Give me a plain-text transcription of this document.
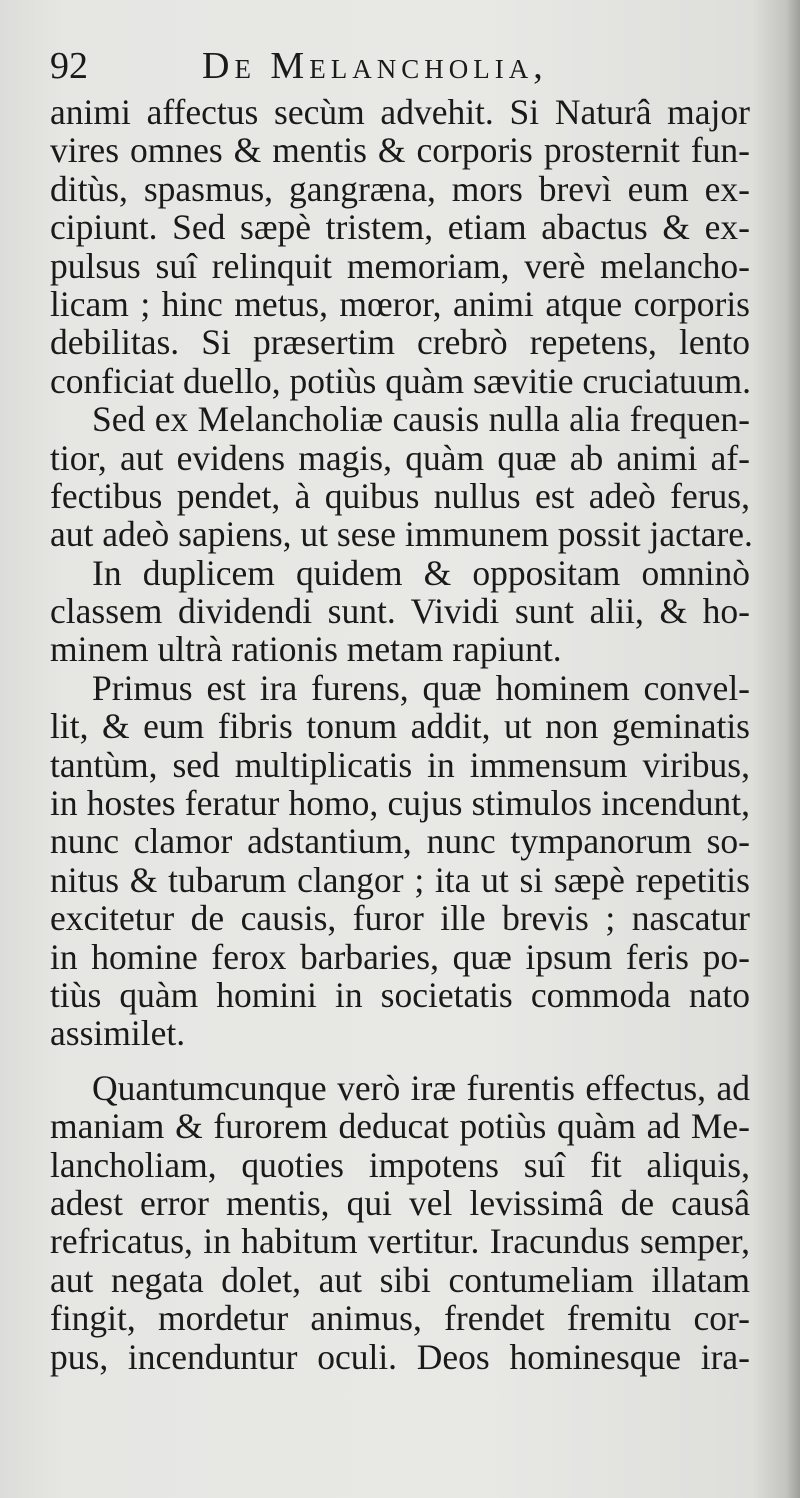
92	De Melancholia,
animi affectus secùm advehit. Si Naturâ major
vires omnes & mentis & corporis prosternit fun-
ditùs, spasmus, gangræna, mors brevì eum ex-
cipiunt. Sed sæpè tristem, etiam abactus & ex-
pulsus suî relinquit memoriam, verè melancho-
licam ; hinc metus, mœror, animi atque corporis
debilitas. Si præsertim crebrò repetens, lento
conficiat duello, potiùs quàm sævitie cruciatuum.
Sed ex Melancholiæ causis nulla alia frequen-
tior, aut evidens magis, quàm quæ ab animi af-
fectibus pendet, à quibus nullus est adeò ferus,
aut adeò sapiens, ut sese immunem possit jactare.
In duplicem quidem & oppositam omninò
classem dividendi sunt. Vividi sunt alii, & ho-
minem ultrà rationis metam rapiunt.
Primus est ira furens, quæ hominem convel-
lit, & eum fibris tonum addit, ut non geminatis
tantùm, sed multiplicatis in immensum viribus,
in hostes feratur homo, cujus stimulos incendunt,
nunc clamor adstantium, nunc tympanorum so-
nitus & tubarum clangor ; ita ut si sæpè repetitis
excitetur de causis, furor ille brevis ; nascatur
in homine ferox barbaries, quæ ipsum feris po-
tiùs quàm homini in societatis commoda nato
assimilet.
Quantumcunque verò iræ furentis effectus, ad
maniam & furorem deducat potiùs quàm ad Me-
lancholiam, quoties impotens suî fit aliquis,
adest error mentis, qui vel levissimâ de causâ
refricatus, in habitum vertitur. Iracundus semper,
aut negata dolet, aut sibi contumeliam illatam
fingit, mordetur animus, frendet fremitu cor-
pus, incenduntur oculi. Deos hominesque ira-
